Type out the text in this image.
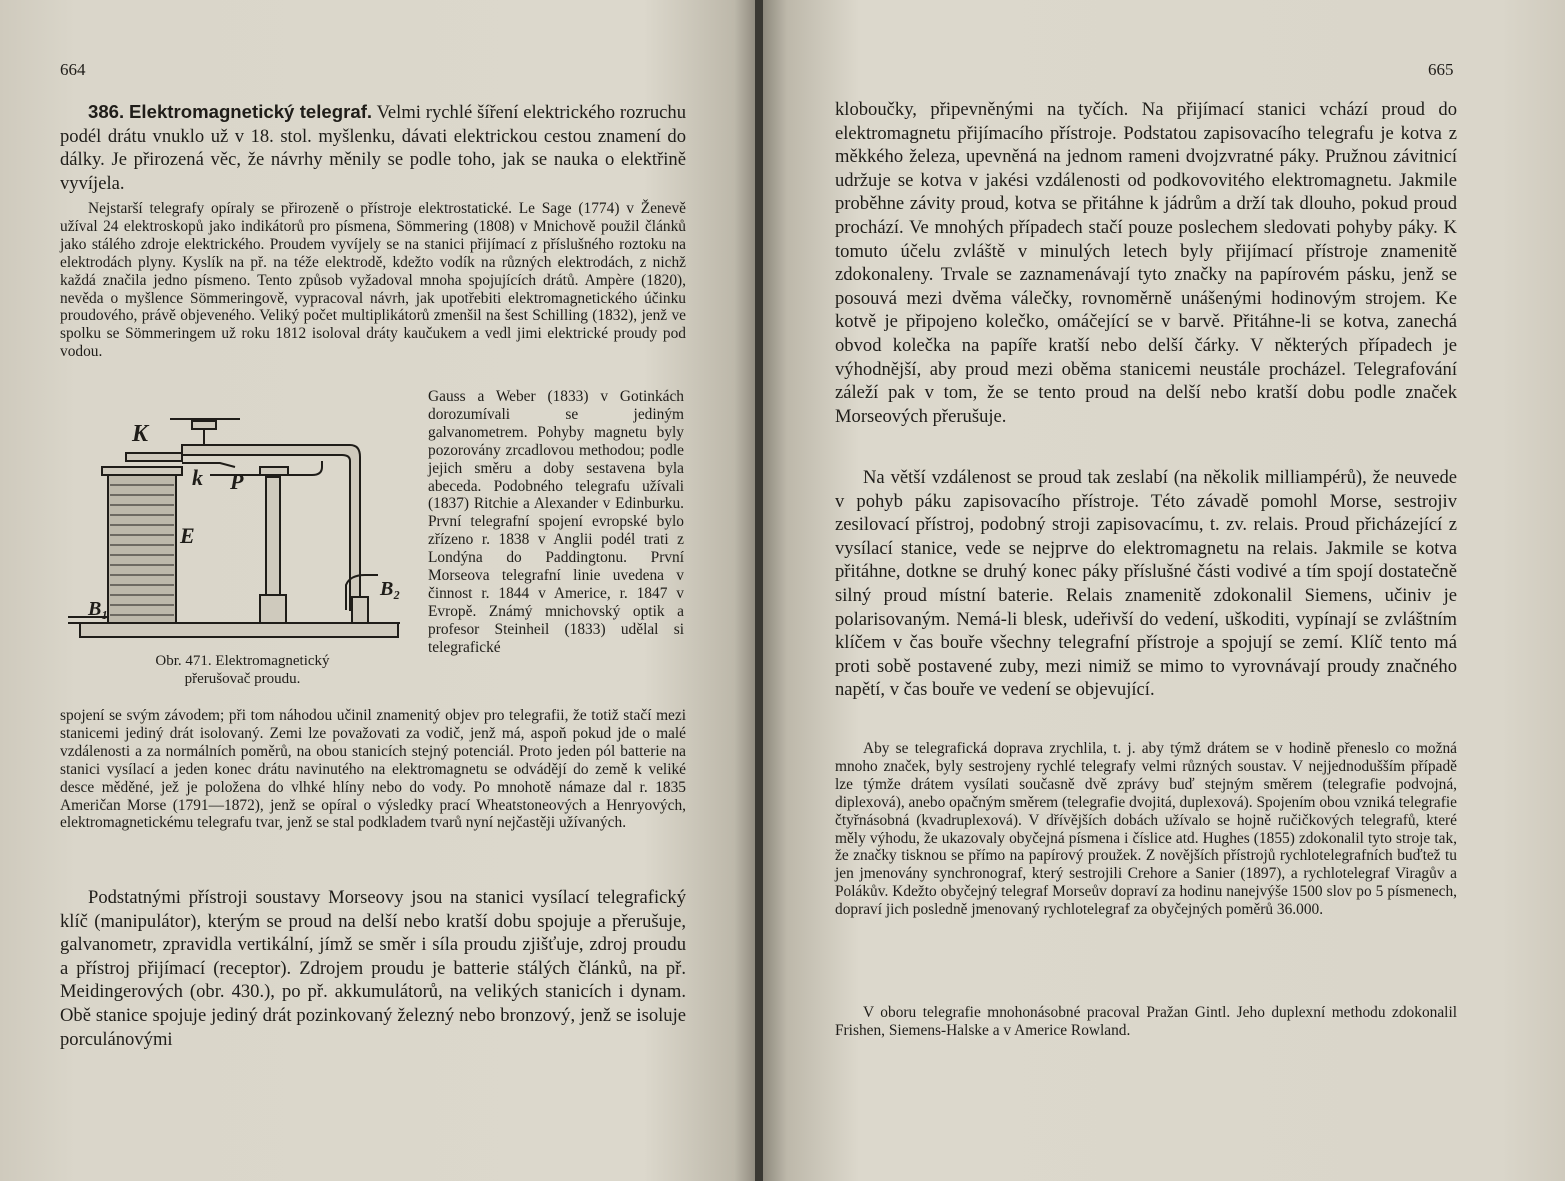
664

386. Elektromagnetický telegraf. Velmi rychlé šíření elektrického rozruchu podél drátu vnuklo už v 18. stol. myšlenku, dávati elektrickou cestou znamení do dálky. Je přirozená věc, že návrhy měnily se podle toho, jak se nauka o elektřině vyvíjela.

Nejstarší telegrafy opíraly se přirozeně o přístroje elektrostatické. Le Sage (1774) v Ženevě užíval 24 elektroskopů jako indikátorů pro písmena, Sömmering (1808) v Mnichově použil článků jako stálého zdroje elektrického. Proudem vyvíjely se na stanici přijímací z příslušného roztoku na elektrodách plyny. Kyslík na př. na téže elektrodě, kdežto vodík na různých elektrodách, z nichž každá značila jedno písmeno. Tento způsob vyžadoval mnoha spojujících drátů. Ampère (1820), nevěda o myšlence Sömmeringově, vypracoval návrh, jak upotřebiti elektromagnetického účinku proudového, právě objeveného. Veliký počet multiplikátorů zmenšil na šest Schilling (1832), jenž ve spolku se Sömmeringem už roku 1812 isoloval dráty kaučukem a vedl jimi elektrické proudy pod vodou.

K
k P
E
B₁
B₂
Obr. 471. Elektromagnetický
přerušovač proudu.

Gauss a Weber (1833) v Gotinkách dorozumívali se jediným galvanometrem. Pohyby magnetu byly pozorovány zrcadlovou methodou; podle jejich směru a doby sestavena byla abeceda. Podobného telegrafu užívali (1837) Ritchie a Alexander v Edinburku. První telegrafní spojení evropské bylo zřízeno r. 1838 v Anglii podél trati z Londýna do Paddingtonu. První Morseova telegrafní linie uvedena v činnost r. 1844 v Americe, r. 1847 v Evropě. Známý mnichovský optik a profesor Steinheil (1833) udělal si telegrafické

spojení se svým závodem; při tom náhodou učinil znamenitý objev pro telegrafii, že totiž stačí mezi stanicemi jediný drát isolovaný. Zemi lze považovati za vodič, jenž má, aspoň pokud jde o malé vzdálenosti a za normálních poměrů, na obou stanicích stejný potenciál. Proto jeden pól batterie na stanici vysílací a jeden konec drátu navinutého na elektromagnetu se odvádějí do země k veliké desce měděné, jež je položena do vlhké hlíny nebo do vody. Po mnohotě námaze dal r. 1835 Američan Morse (1791—1872), jenž se opíral o výsledky prací Wheatstoneových a Henryových, elektromagnetickému telegrafu tvar, jenž se stal podkladem tvarů nyní nejčastěji užívaných.

Podstatnými přístroji soustavy Morseovy jsou na stanici vysílací telegrafický klíč (manipulátor), kterým se proud na delší nebo kratší dobu spojuje a přerušuje, galvanometr, zpravidla vertikální, jímž se směr i síla proudu zjišťuje, zdroj proudu a přístroj přijímací (receptor). Zdrojem proudu je batterie stálých článků, na př. Meidingerových (obr. 430.), po př. akkumulátorů, na velikých stanicích i dynam. Obě stanice spojuje jediný drát pozinkovaný železný nebo bronzový, jenž se isoluje porculánovými

665

kloboučky, připevněnými na tyčích. Na přijímací stanici vchází proud do elektromagnetu přijímacího přístroje. Podstatou zapisovacího telegrafu je kotva z měkkého železa, upevněná na jednom rameni dvojzvratné páky. Pružnou závitnicí udržuje se kotva v jakési vzdálenosti od podkovovitého elektromagnetu. Jakmile proběhne závity proud, kotva se přitáhne k jádrům a drží tak dlouho, pokud proud prochází. Ve mnohých případech stačí pouze poslechem sledovati pohyby páky. K tomuto účelu zvláště v minulých letech byly přijímací přístroje znamenitě zdokonaleny. Trvale se zaznamenávají tyto značky na papírovém pásku, jenž se posouvá mezi dvěma válečky, rovnoměrně unášenými hodinovým strojem. Ke kotvě je připojeno kolečko, omáčející se v barvě. Přitáhne-li se kotva, zanechá obvod kolečka na papíře kratší nebo delší čárky. V některých případech je výhodnější, aby proud mezi oběma stanicemi neustále procházel. Telegrafování záleží pak v tom, že se tento proud na delší nebo kratší dobu podle značek Morseových přerušuje.

Na větší vzdálenost se proud tak zeslabí (na několik milliampérů), že neuvede v pohyb páku zapisovacího přístroje. Této závadě pomohl Morse, sestrojiv zesilovací přístroj, podobný stroji zapisovacímu, t. zv. relais. Proud přicházející z vysílací stanice, vede se nejprve do elektromagnetu na relais. Jakmile se kotva přitáhne, dotkne se druhý konec páky příslušné části vodivé a tím spojí dostatečně silný proud místní baterie. Relais znamenitě zdokonalil Siemens, učiniv je polarisovaným. Nemá-li blesk, udeřivší do vedení, uškoditi, vypínají se zvláštním klíčem v čas bouře všechny telegrafní přístroje a spojují se zemí. Klíč tento má proti sobě postavené zuby, mezi nimiž se mimo to vyrovnávají proudy značného napětí, v čas bouře ve vedení se objevující.

Aby se telegrafická doprava zrychlila, t. j. aby týmž drátem se v hodině přeneslo co možná mnoho značek, byly sestrojeny rychlé telegrafy velmi různých soustav. V nejjednodušším případě lze týmže drátem vysílati současně dvě zprávy buď stejným směrem (telegrafie podvojná, diplexová), anebo opačným směrem (telegrafie dvojitá, duplexová). Spojením obou vzniká telegrafie čtyřnásobná (kvadruplexová). V dřívějších dobách užívalo se hojně ručičkových telegrafů, které měly výhodu, že ukazovaly obyčejná písmena i číslice atd. Hughes (1855) zdokonalil tyto stroje tak, že značky tisknou se přímo na papírový proužek. Z novějších přístrojů rychlotelegrafních buďtež tu jen jmenovány synchronograf, který sestrojili Crehore a Sanier (1897), a rychlotelegraf Viragův a Polákův. Kdežto obyčejný telegraf Morseův dopraví za hodinu nanejvýše 1500 slov po 5 písmenech, dopraví jich posledně jmenovaný rychlotelegraf za obyčejných poměrů 36.000.

V oboru telegrafie mnohonásobné pracoval Pražan Gintl. Jeho duplexní methodu zdokonalil Frishen, Siemens-Halske a v Americe Rowland.
